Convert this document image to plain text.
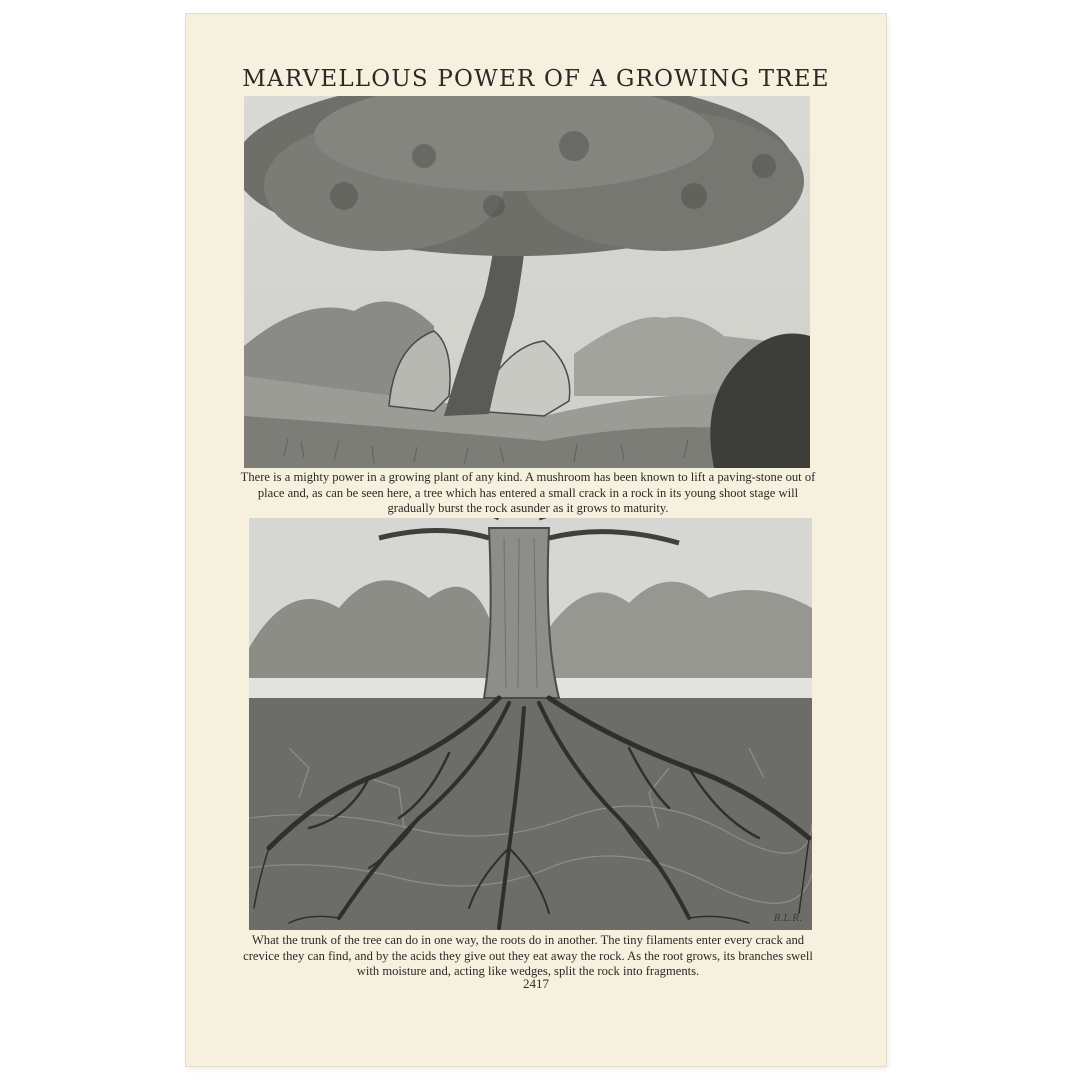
MARVELLOUS POWER OF A GROWING TREE
There is a mighty power in a growing plant of any kind. A mushroom has been known to lift a paving-stone out of place and, as can be seen here, a tree which has entered a small crack in a rock in its young shoot stage will gradually burst the rock asunder as it grows to maturity.
R.L.R.
What the trunk of the tree can do in one way, the roots do in another. The tiny filaments enter every crack and crevice they can find, and by the acids they give out they eat away the rock. As the root grows, its branches swell with moisture and, acting like wedges, split the rock into fragments.
2417
